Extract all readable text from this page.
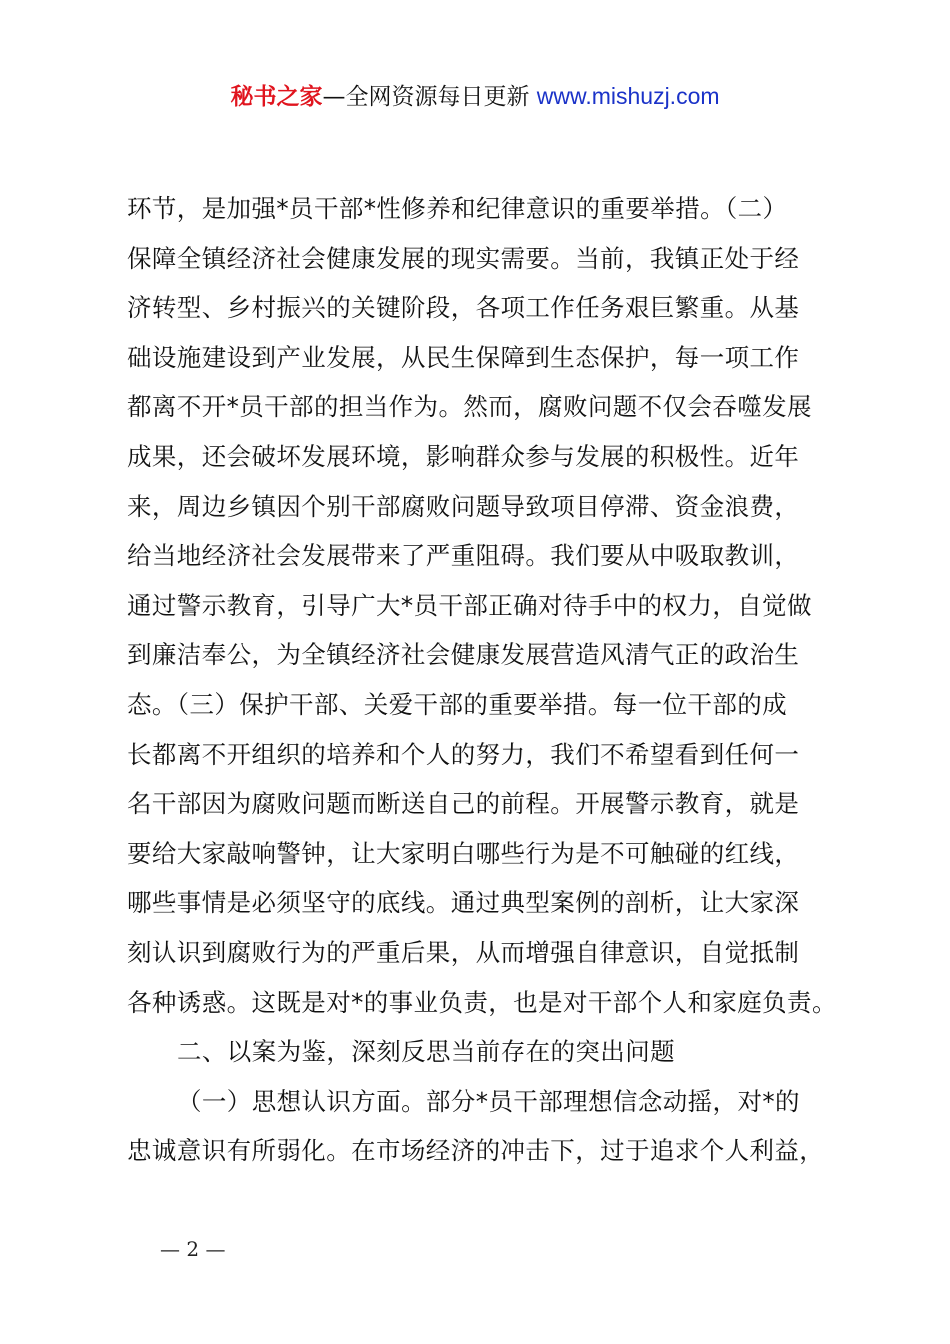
秘书之家—全网资源每日更新 www.mishuzj.com
环节，是加强*员干部*性修养和纪律意识的重要举措。（二）
保障全镇经济社会健康发展的现实需要。当前，我镇正处于经
济转型、乡村振兴的关键阶段，各项工作任务艰巨繁重。从基
础设施建设到产业发展，从民生保障到生态保护，每一项工作
都离不开*员干部的担当作为。然而，腐败问题不仅会吞噬发展
成果，还会破坏发展环境，影响群众参与发展的积极性。近年
来，周边乡镇因个别干部腐败问题导致项目停滞、资金浪费，
给当地经济社会发展带来了严重阻碍。我们要从中吸取教训，
通过警示教育，引导广大*员干部正确对待手中的权力，自觉做
到廉洁奉公，为全镇经济社会健康发展营造风清气正的政治生
态。（三）保护干部、关爱干部的重要举措。每一位干部的成
长都离不开组织的培养和个人的努力，我们不希望看到任何一
名干部因为腐败问题而断送自己的前程。开展警示教育，就是
要给大家敲响警钟，让大家明白哪些行为是不可触碰的红线，
哪些事情是必须坚守的底线。通过典型案例的剖析，让大家深
刻认识到腐败行为的严重后果，从而增强自律意识，自觉抵制
各种诱惑。这既是对*的事业负责，也是对干部个人和家庭负责。
二、以案为鉴，深刻反思当前存在的突出问题
（一）思想认识方面。部分*员干部理想信念动摇，对*的
忠诚意识有所弱化。在市场经济的冲击下，过于追求个人利益，
— 2 —
